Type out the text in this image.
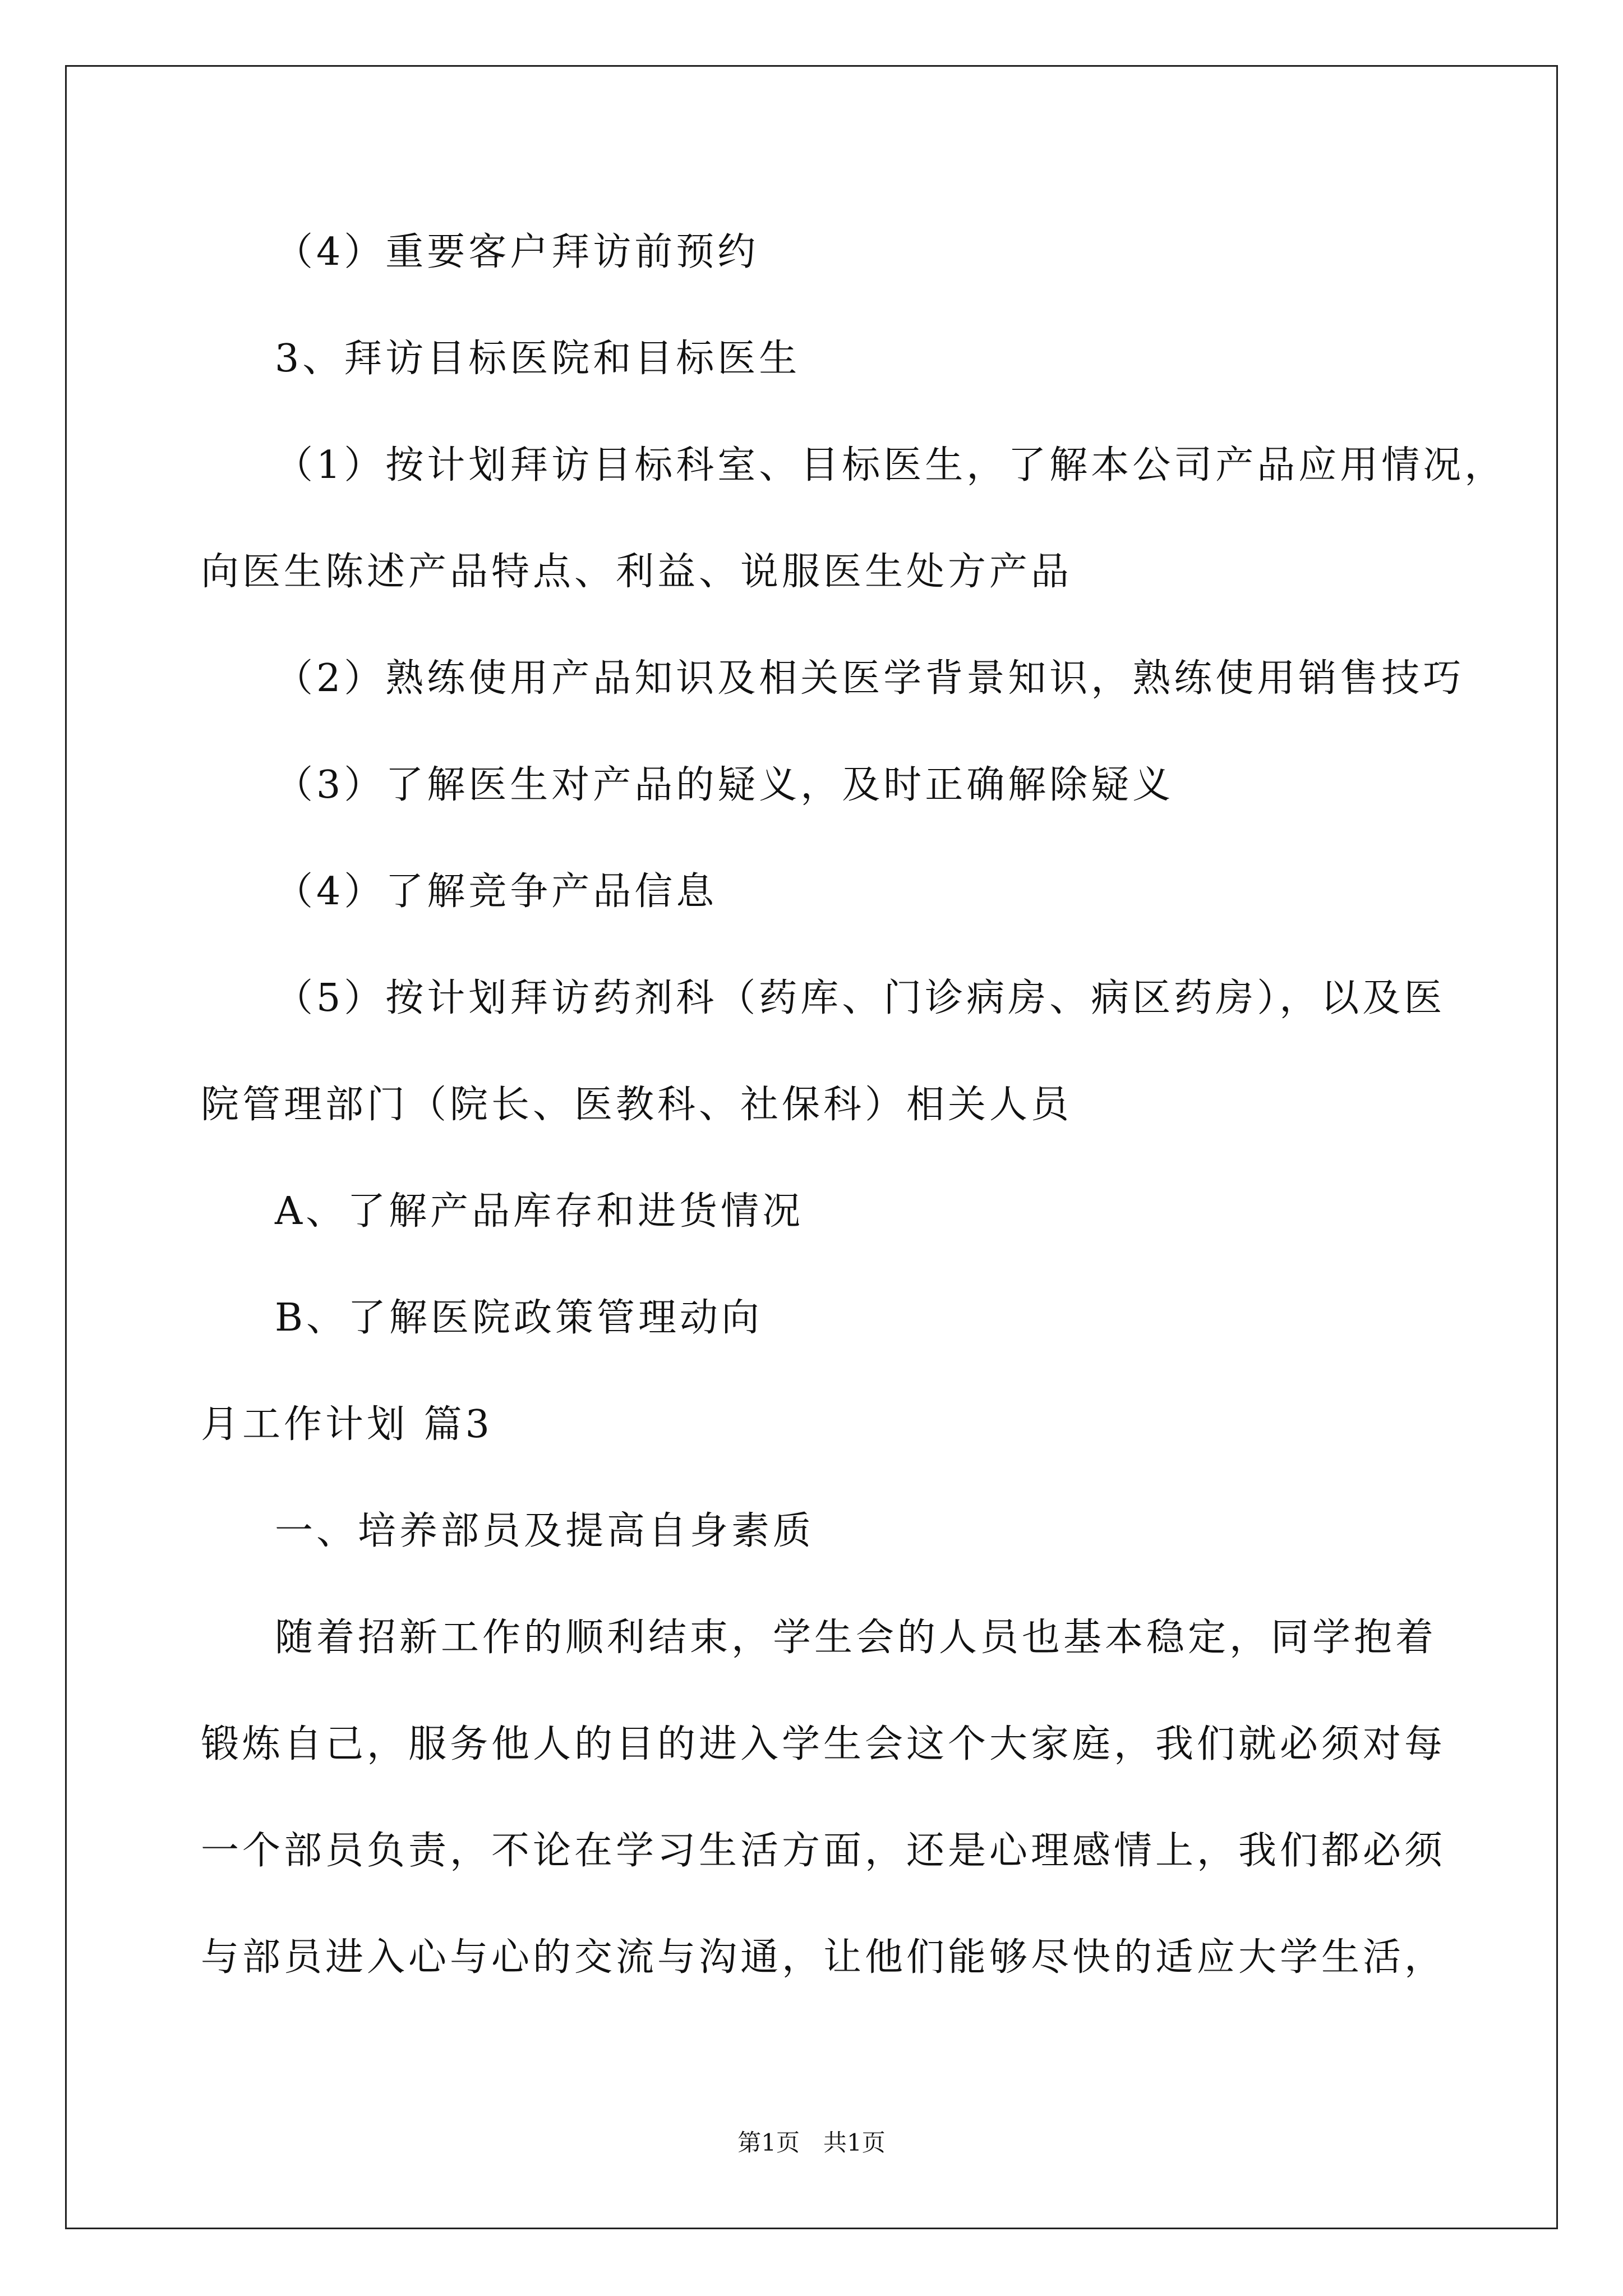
（4）重要客户拜访前预约
3、拜访目标医院和目标医生
（1）按计划拜访目标科室、目标医生，了解本公司产品应用情况，
向医生陈述产品特点、利益、说服医生处方产品
（2）熟练使用产品知识及相关医学背景知识，熟练使用销售技巧
（3）了解医生对产品的疑义，及时正确解除疑义
（4）了解竞争产品信息
（5）按计划拜访药剂科（药库、门诊病房、病区药房），以及医
院管理部门（院长、医教科、社保科）相关人员
A、了解产品库存和进货情况
B、了解医院政策管理动向
月工作计划 篇3
一、培养部员及提高自身素质
随着招新工作的顺利结束，学生会的人员也基本稳定，同学抱着
锻炼自己，服务他人的目的进入学生会这个大家庭，我们就必须对每
一个部员负责，不论在学习生活方面，还是心理感情上，我们都必须
与部员进入心与心的交流与沟通，让他们能够尽快的适应大学生活，
第1页　共1页
